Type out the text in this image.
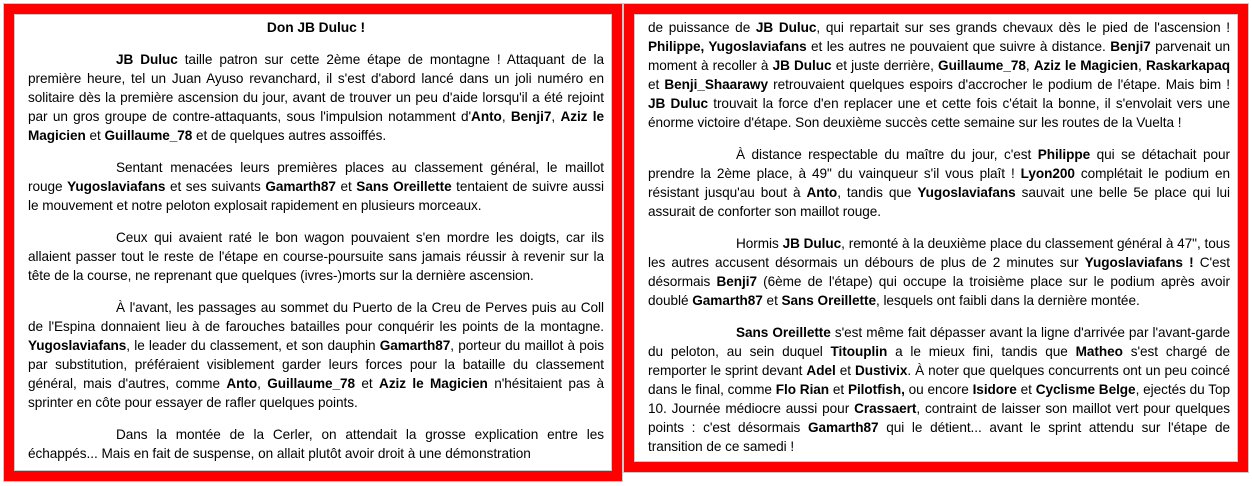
Don JB Duluc !

JB Duluc taille patron sur cette 2ème étape de montagne ! Attaquant de la première heure, tel un Juan Ayuso revanchard, il s'est d'abord lancé dans un joli numéro en solitaire dès la première ascension du jour, avant de trouver un peu d'aide lorsqu'il a été rejoint par un gros groupe de contre-attaquants, sous l'impulsion notamment d'Anto, Benji7, Aziz le Magicien et Guillaume_78 et de quelques autres assoiffés.

Sentant menacées leurs premières places au classement général, le maillot rouge Yugoslaviafans et ses suivants Gamarth87 et Sans Oreillette tentaient de suivre aussi le mouvement et notre peloton explosait rapidement en plusieurs morceaux.

Ceux qui avaient raté le bon wagon pouvaient s'en mordre les doigts, car ils allaient passer tout le reste de l'étape en course-poursuite sans jamais réussir à revenir sur la tête de la course, ne reprenant que quelques (ivres-)morts sur la dernière ascension.

À l'avant, les passages au sommet du Puerto de la Creu de Perves puis au Coll de l'Espina donnaient lieu à de farouches batailles pour conquérir les points de la montagne. Yugoslaviafans, le leader du classement, et son dauphin Gamarth87, porteur du maillot à pois par substitution, préféraient visiblement garder leurs forces pour la bataille du classement général, mais d'autres, comme Anto, Guillaume_78 et Aziz le Magicien n'hésitaient pas à sprinter en côte pour essayer de rafler quelques points.

Dans la montée de la Cerler, on attendait la grosse explication entre les échappés... Mais en fait de suspense, on allait plutôt avoir droit à une démonstration

de puissance de JB Duluc, qui repartait sur ses grands chevaux dès le pied de l'ascension ! Philippe, Yugoslaviafans et les autres ne pouvaient que suivre à distance. Benji7 parvenait un moment à recoller à JB Duluc et juste derrière, Guillaume_78, Aziz le Magicien, Raskarkapaq et Benji_Shaarawy retrouvaient quelques espoirs d'accrocher le podium de l'étape. Mais bim ! JB Duluc trouvait la force d'en replacer une et cette fois c'était la bonne, il s'envolait vers une énorme victoire d'étape. Son deuxième succès cette semaine sur les routes de la Vuelta !

À distance respectable du maître du jour, c'est Philippe qui se détachait pour prendre la 2ème place, à 49" du vainqueur s'il vous plaît ! Lyon200 complétait le podium en résistant jusqu'au bout à Anto, tandis que Yugoslaviafans sauvait une belle 5e place qui lui assurait de conforter son maillot rouge.

Hormis JB Duluc, remonté à la deuxième place du classement général à 47", tous les autres accusent désormais un débours de plus de 2 minutes sur Yugoslaviafans ! C'est désormais Benji7 (6ème de l'étape) qui occupe la troisième place sur le podium après avoir doublé Gamarth87 et Sans Oreillette, lesquels ont faibli dans la dernière montée.

Sans Oreillette s'est même fait dépasser avant la ligne d'arrivée par l'avant-garde du peloton, au sein duquel Titouplin a le mieux fini, tandis que Matheo s'est chargé de remporter le sprint devant Adel et Dustivix. À noter que quelques concurrents ont un peu coincé dans le final, comme Flo Rian et Pilotfish, ou encore Isidore et Cyclisme Belge, ejectés du Top 10. Journée médiocre aussi pour Crassaert, contraint de laisser son maillot vert pour quelques points : c'est désormais Gamarth87 qui le détient... avant le sprint attendu sur l'étape de transition de ce samedi !
